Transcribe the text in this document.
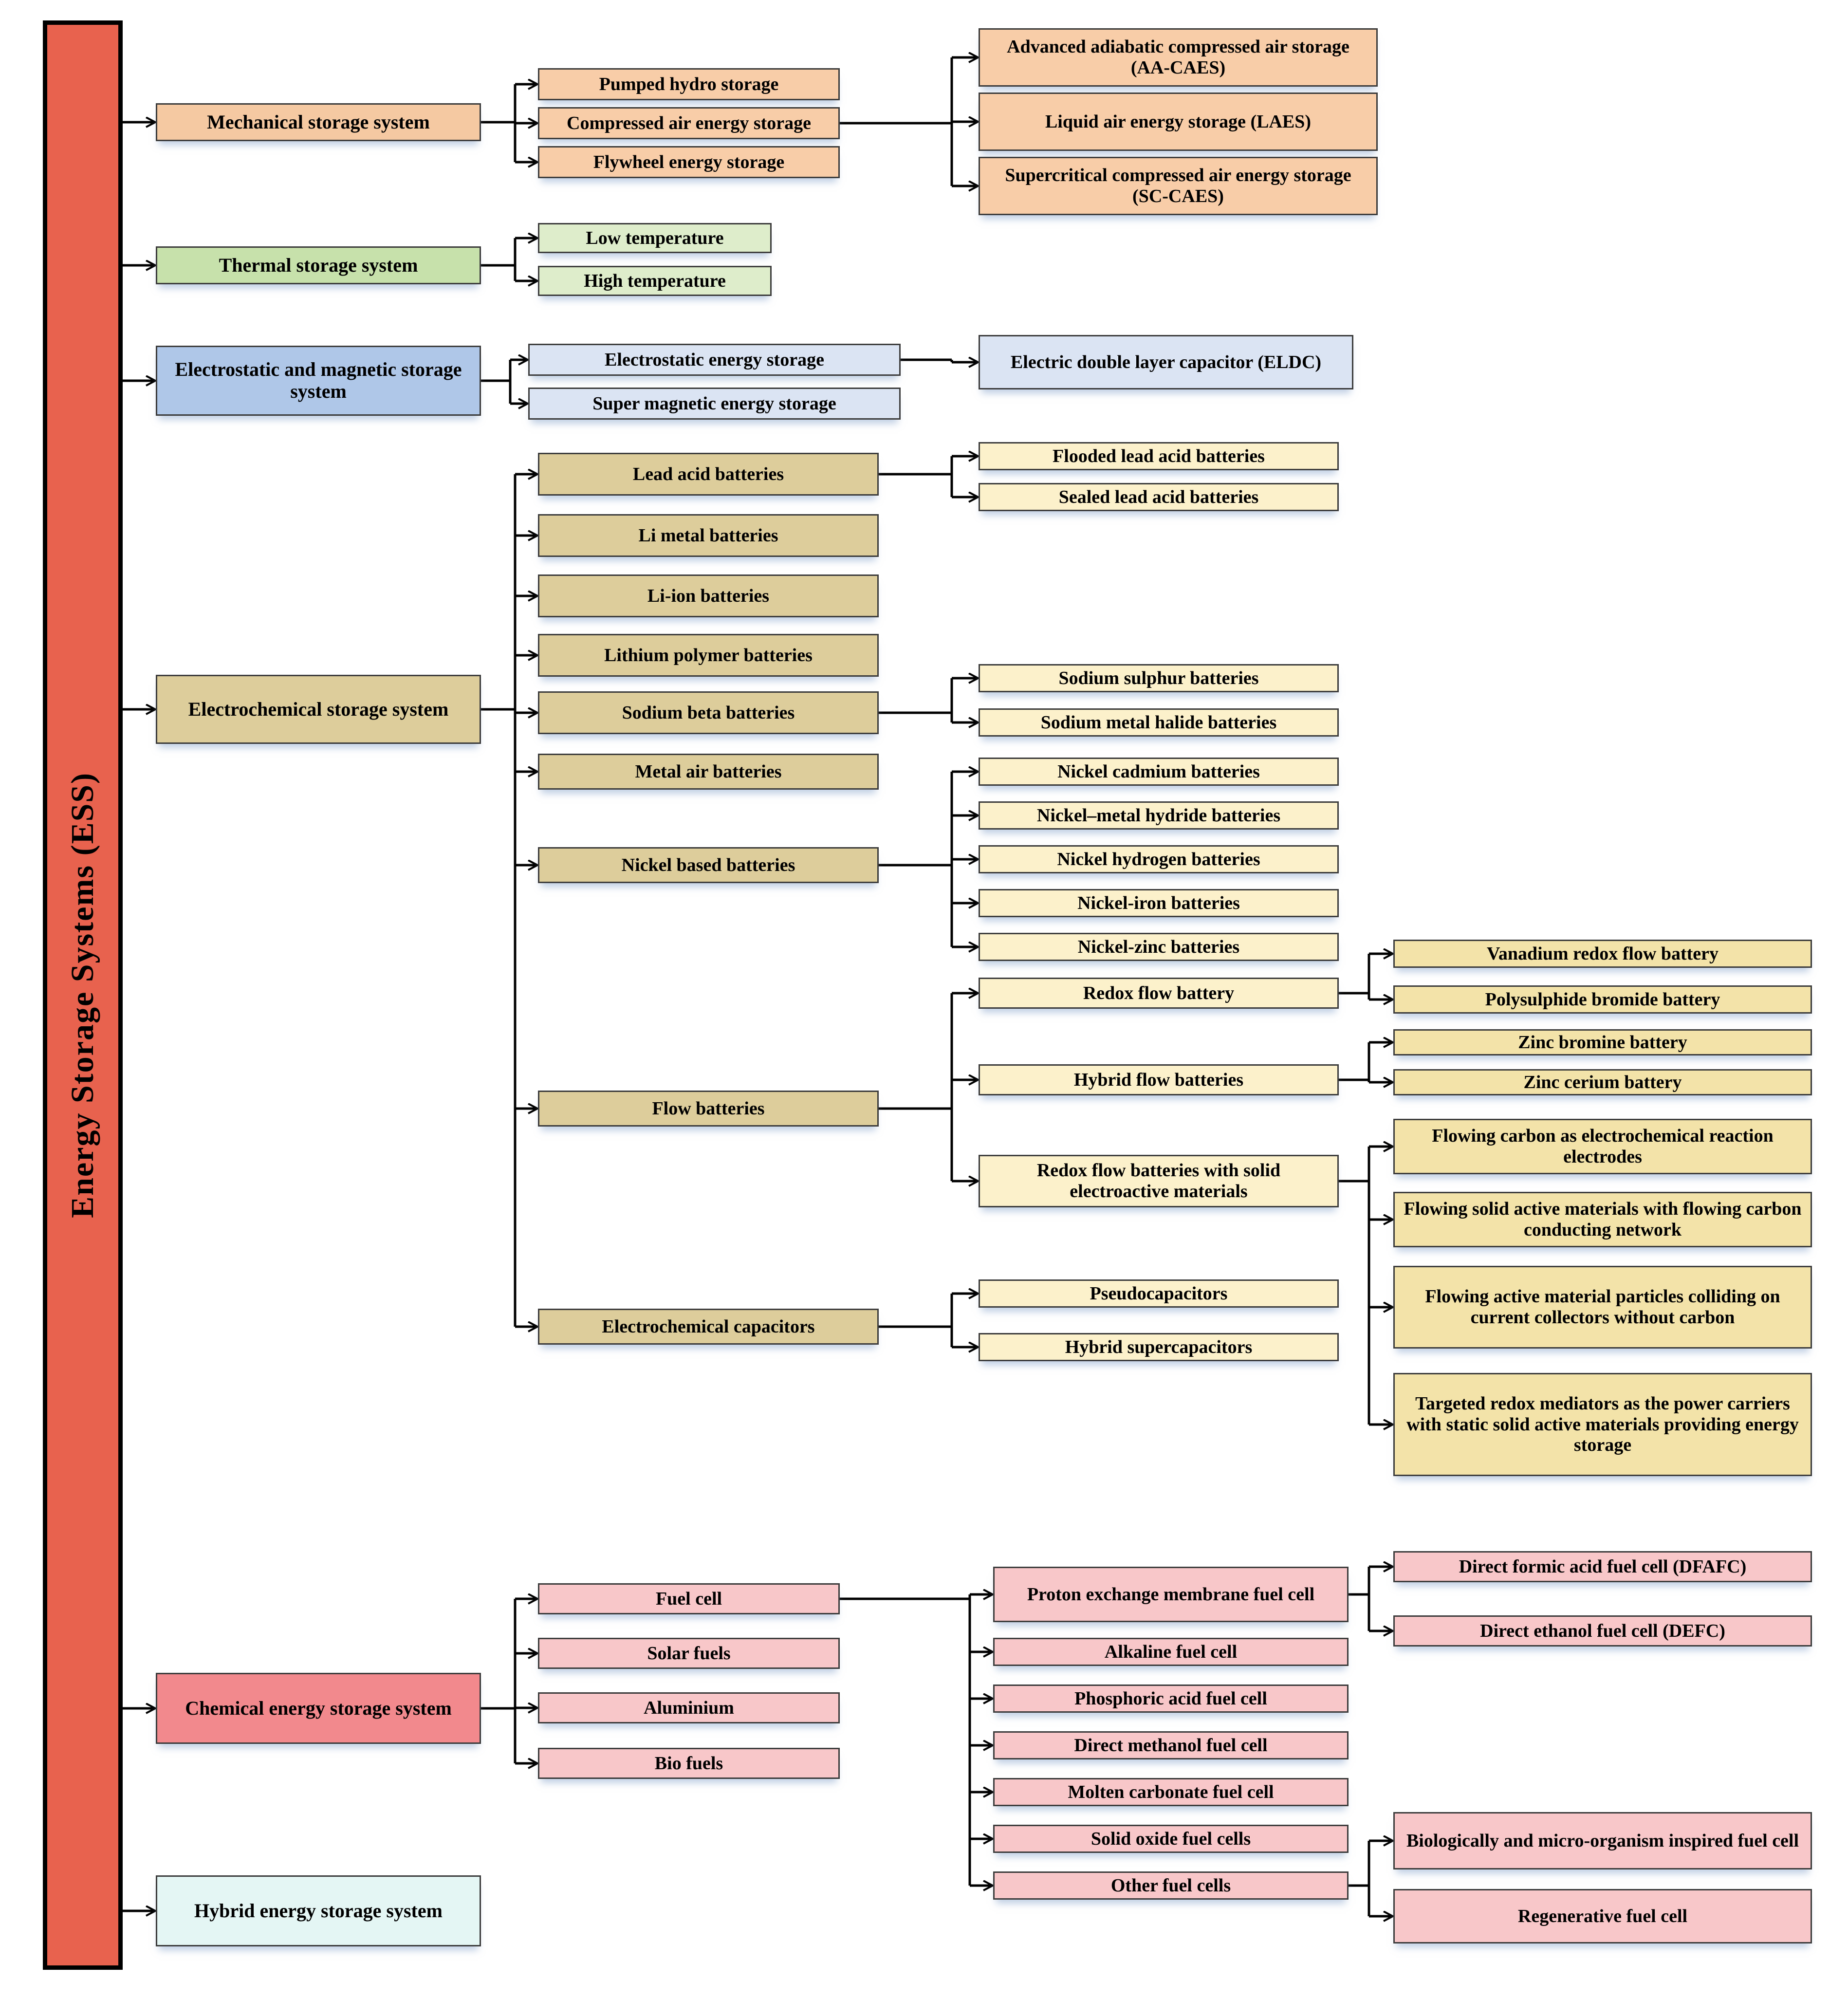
Energy Storage Systems (ESS)
Mechanical storage system
Thermal storage system
Electrostatic and magnetic storage system
Electrochemical storage system
Chemical energy storage system
Hybrid energy storage system
Pumped hydro storage
Compressed air energy storage
Flywheel energy storage
Advanced adiabatic compressed air storage (AA-CAES)
Liquid air energy storage (LAES)
Supercritical compressed air energy storage (SC-CAES)
Low temperature
High temperature
Electrostatic energy storage
Super magnetic energy storage
Electric double layer capacitor (ELDC)
Lead acid batteries
Li metal batteries
Li-ion batteries
Lithium polymer batteries
Sodium beta batteries
Metal air batteries
Nickel based batteries
Flow batteries
Electrochemical capacitors
Flooded lead acid batteries
Sealed lead acid batteries
Sodium sulphur batteries
Sodium metal halide batteries
Nickel cadmium batteries
Nickel–metal hydride batteries
Nickel hydrogen batteries
Nickel-iron batteries
Nickel-zinc batteries
Redox flow battery
Hybrid flow batteries
Redox flow batteries with solid electroactive materials
Pseudocapacitors
Hybrid supercapacitors
Vanadium redox flow battery
Polysulphide bromide battery
Zinc bromine battery
Zinc cerium battery
Flowing carbon as electrochemical reaction electrodes
Flowing solid active materials with flowing carbon conducting network
Flowing active material particles colliding on current collectors without carbon
Targeted redox mediators as the power carriers with static solid active materials providing energy storage
Fuel cell
Solar fuels
Aluminium
Bio fuels
Proton exchange membrane fuel cell
Alkaline fuel cell
Phosphoric acid fuel cell
Direct methanol fuel cell
Molten carbonate fuel cell
Solid oxide fuel cells
Other fuel cells
Direct formic acid fuel cell (DFAFC)
Direct ethanol fuel cell (DEFC)
Biologically and micro-organism inspired fuel cell
Regenerative fuel cell
